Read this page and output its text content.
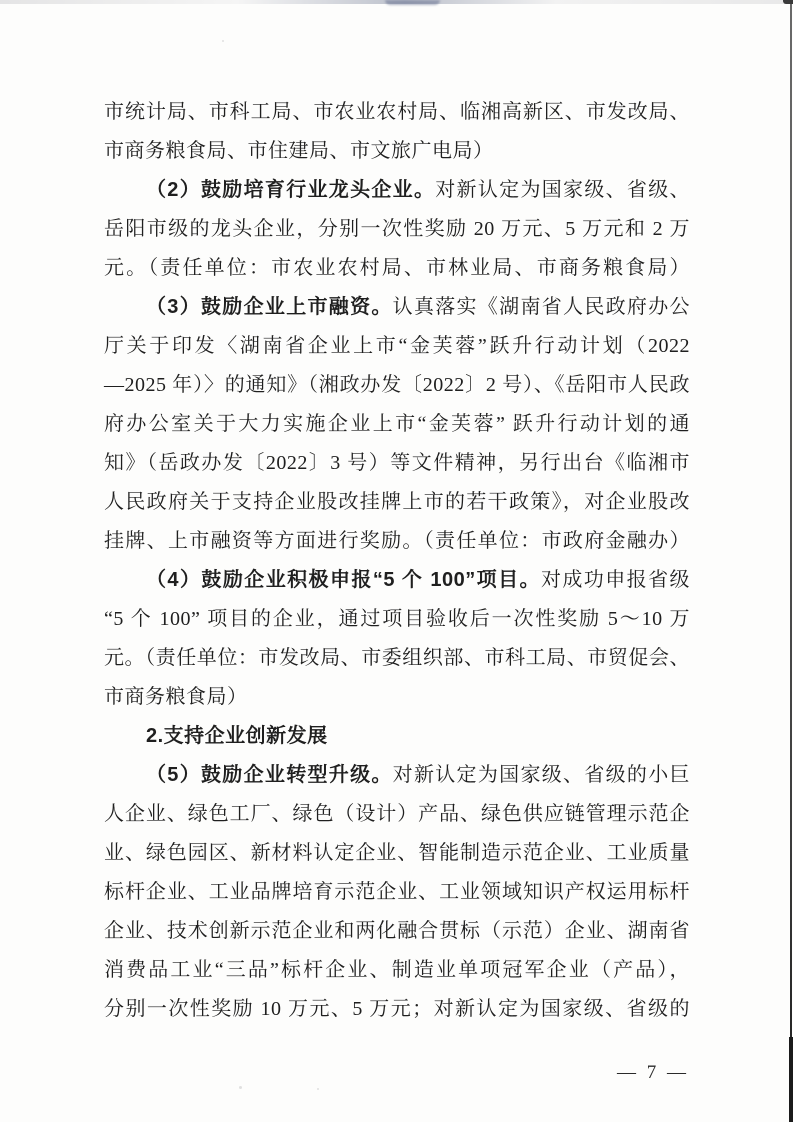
市统计局、市科工局、市农业农村局、临湘高新区、市发改局、
市商务粮食局、市住建局、市文旅广电局）
（2）鼓励培育行业龙头企业。对新认定为国家级、省级、
岳阳市级的龙头企业，分别一次性奖励 20 万元、5 万元和 2 万
元。（责任单位：市农业农村局、市林业局、市商务粮食局）
（3）鼓励企业上市融资。认真落实《湖南省人民政府办公
厅关于印发〈湖南省企业上市“金芙蓉”跃升行动计划（2022
—2025 年）〉的通知》（湘政办发〔2022〕2 号）、《岳阳市人民政
府办公室关于大力实施企业上市“金芙蓉” 跃升行动计划的通
知》（岳政办发〔2022〕3 号）等文件精神，另行出台《临湘市
人民政府关于支持企业股改挂牌上市的若干政策》，对企业股改
挂牌、上市融资等方面进行奖励。（责任单位：市政府金融办）
（4）鼓励企业积极申报“5 个 100”项目。对成功申报省级
“5 个 100” 项目的企业，通过项目验收后一次性奖励 5～10 万
元。（责任单位：市发改局、市委组织部、市科工局、市贸促会、
市商务粮食局）
2.支持企业创新发展
（5）鼓励企业转型升级。对新认定为国家级、省级的小巨
人企业、绿色工厂、绿色（设计）产品、绿色供应链管理示范企
业、绿色园区、新材料认定企业、智能制造示范企业、工业质量
标杆企业、工业品牌培育示范企业、工业领域知识产权运用标杆
企业、技术创新示范企业和两化融合贯标（示范）企业、湖南省
消费品工业“三品”标杆企业、制造业单项冠军企业（产品），
分别一次性奖励 10 万元、5 万元；对新认定为国家级、省级的
— 7 —
